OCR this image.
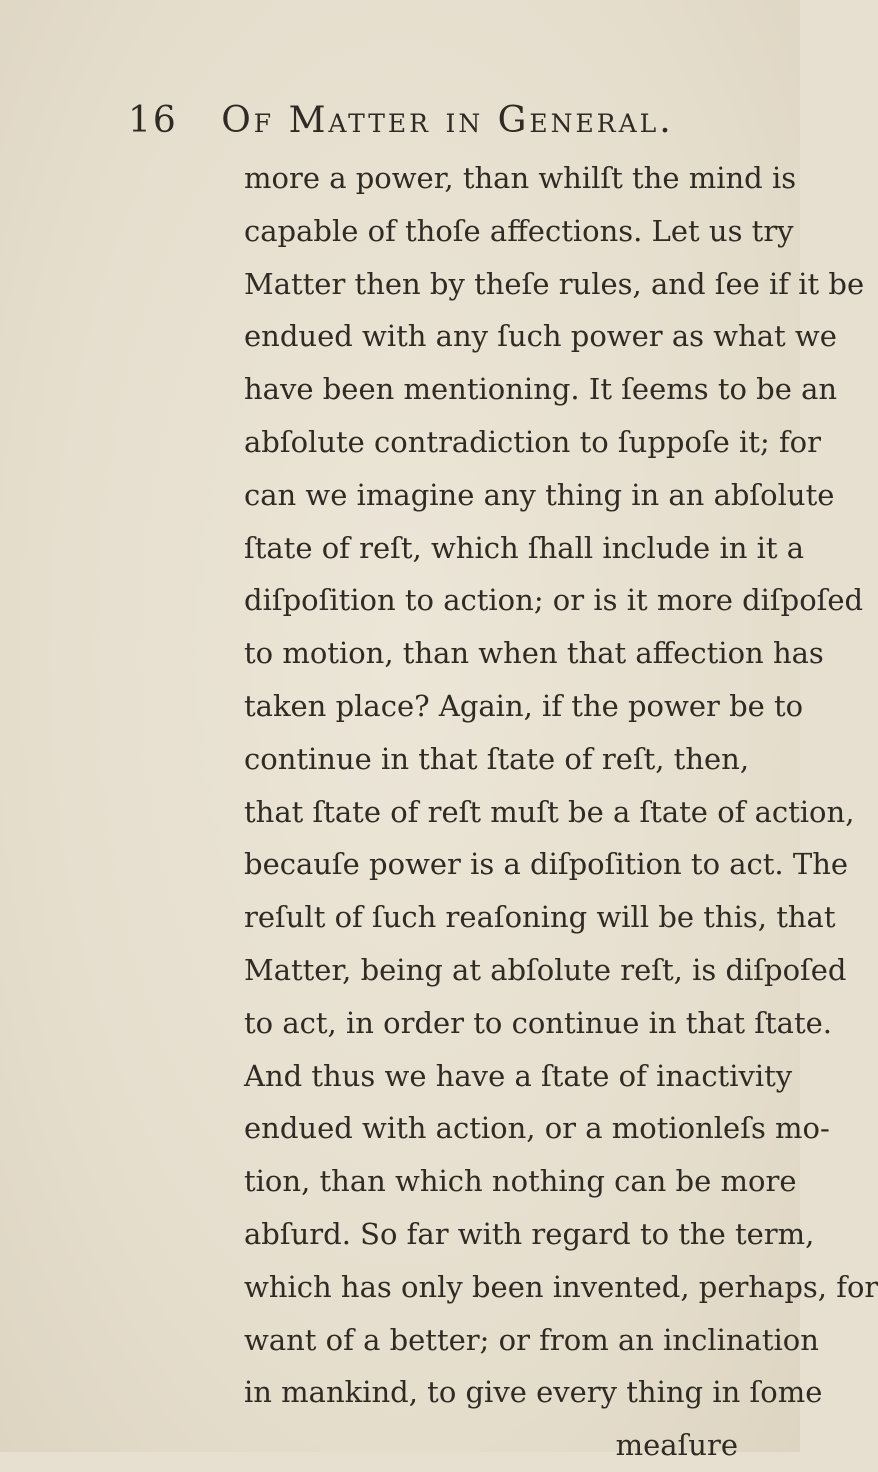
16 Of Matter in General.
more a power, than whilſt the mind is
capable of thoſe affections. Let us try
Matter then by theſe rules, and ſee if it be
endued with any ſuch power as what we
have been mentioning. It ſeems to be an
abſolute contradiction to ſuppoſe it; for
can we imagine any thing in an abſolute
ſtate of reſt, which ſhall include in it a
diſpoſition to action; or is it more diſpoſed
to motion, than when that affection has
taken place? Again, if the power be to
continue in that ſtate of reſt, then,
that ſtate of reſt muſt be a ſtate of action,
becauſe power is a diſpoſition to act. The
reſult of ſuch reaſoning will be this, that
Matter, being at abſolute reſt, is diſpoſed
to act, in order to continue in that ſtate.
And thus we have a ſtate of inactivity
endued with action, or a motionleſs mo-
tion, than which nothing can be more
abſurd. So far with regard to the term,
which has only been invented, perhaps, for
want of a better; or from an inclination
in mankind, to give every thing in ſome
meaſure
